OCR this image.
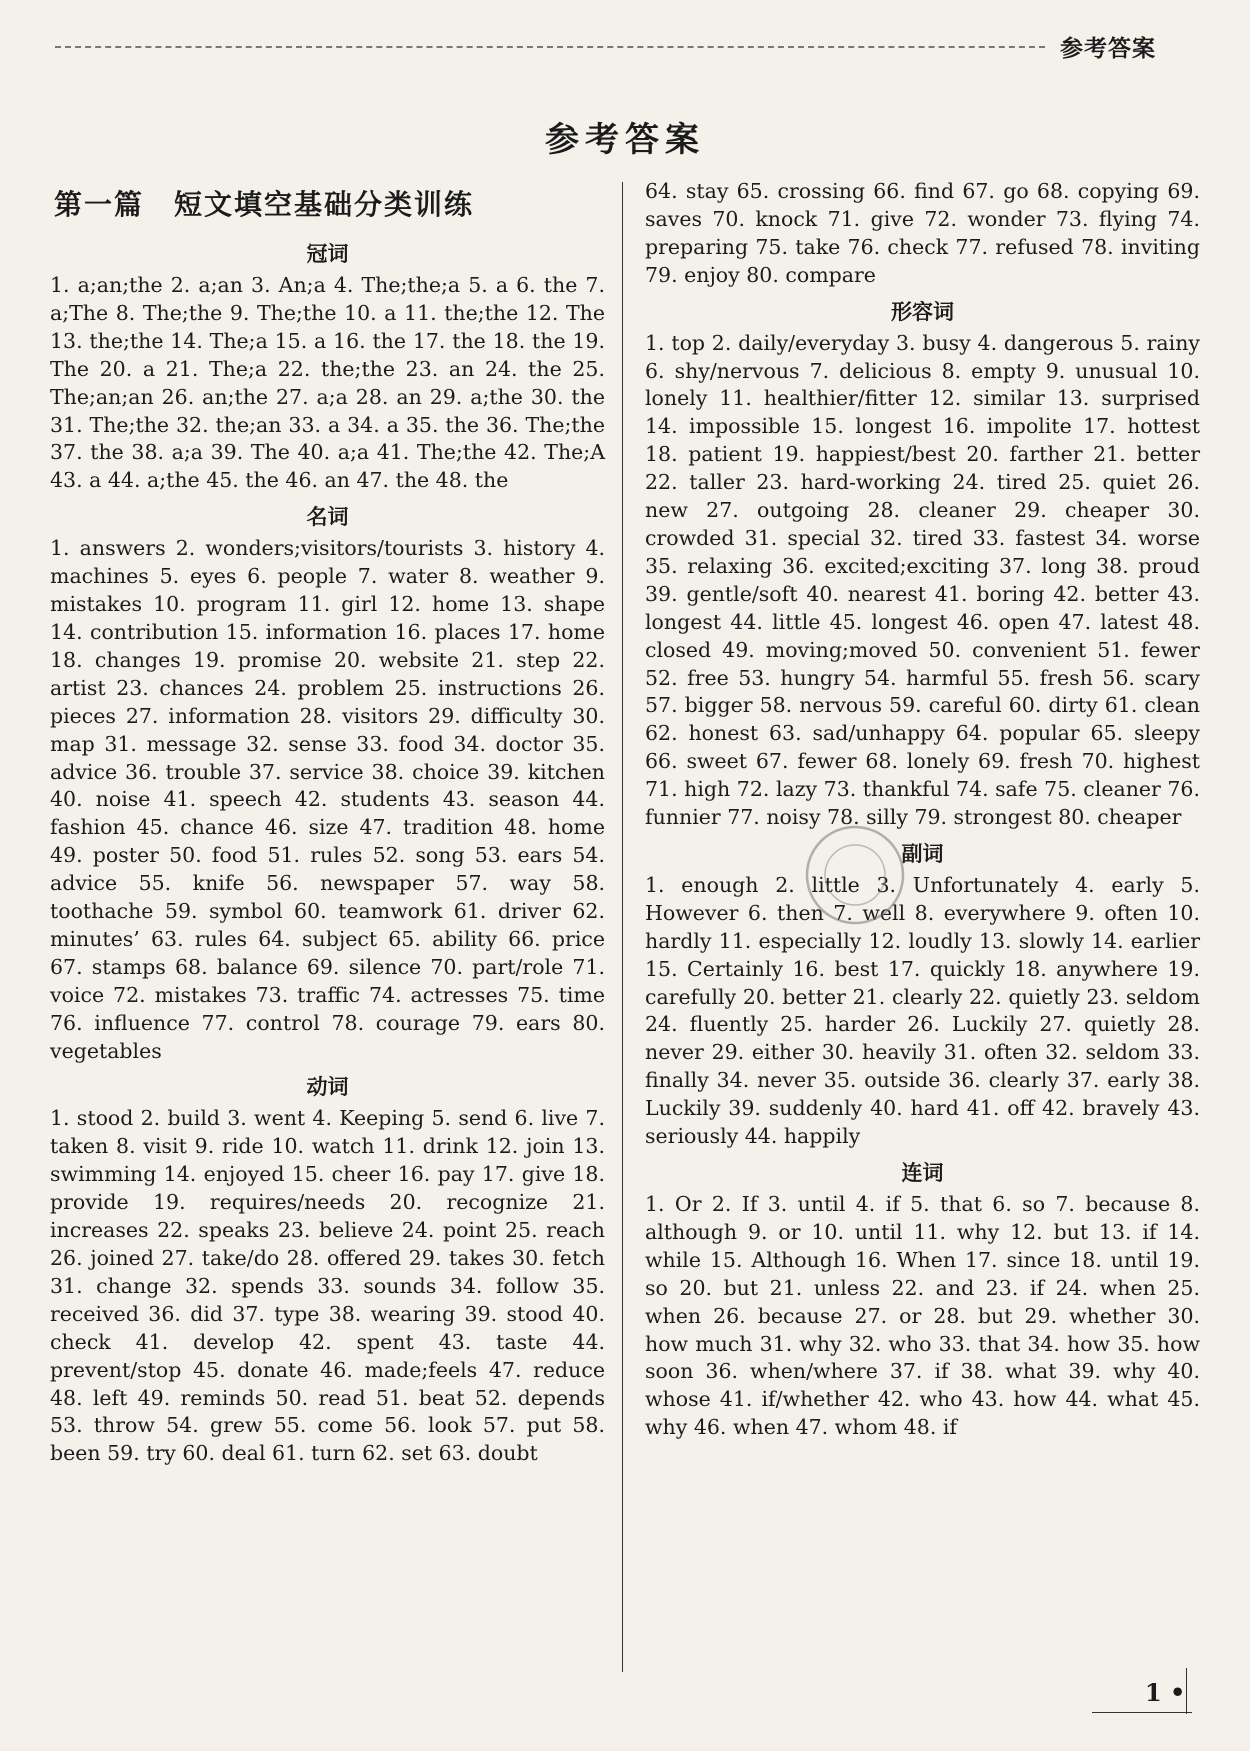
参考答案
参考答案
第一篇　短文填空基础分类训练
冠词
1. a;an;the 2. a;an 3. An;a 4. The;the;a 5. a 6. the 7. a;The 8. The;the 9. The;the 10. a 11. the;the 12. The 13. the;the 14. The;a 15. a 16. the 17. the 18. the 19. The 20. a 21. The;a 22. the;the 23. an 24. the 25. The;an;an 26. an;the 27. a;a 28. an 29. a;the 30. the 31. The;the 32. the;an 33. a 34. a 35. the 36. The;the 37. the 38. a;a 39. The 40. a;a 41. The;the 42. The;A 43. a 44. a;the 45. the 46. an 47. the 48. the
名词
1. answers 2. wonders;visitors/tourists 3. history 4. machines 5. eyes 6. people 7. water 8. weather 9. mistakes 10. program 11. girl 12. home 13. shape 14. contribution 15. information 16. places 17. home 18. changes 19. promise 20. website 21. step 22. artist 23. chances 24. problem 25. instructions 26. pieces 27. information 28. visitors 29. difficulty 30. map 31. message 32. sense 33. food 34. doctor 35. advice 36. trouble 37. service 38. choice 39. kitchen 40. noise 41. speech 42. students 43. season 44. fashion 45. chance 46. size 47. tradition 48. home 49. poster 50. food 51. rules 52. song 53. ears 54. advice 55. knife 56. newspaper 57. way 58. toothache 59. symbol 60. teamwork 61. driver 62. minutes’ 63. rules 64. subject 65. ability 66. price 67. stamps 68. balance 69. silence 70. part/role 71. voice 72. mistakes 73. traffic 74. actresses 75. time 76. influence 77. control 78. courage 79. ears 80. vegetables
动词
1. stood 2. build 3. went 4. Keeping 5. send 6. live 7. taken 8. visit 9. ride 10. watch 11. drink 12. join 13. swimming 14. enjoyed 15. cheer 16. pay 17. give 18. provide 19. requires/needs 20. recognize 21. increases 22. speaks 23. believe 24. point 25. reach 26. joined 27. take/do 28. offered 29. takes 30. fetch 31. change 32. spends 33. sounds 34. follow 35. received 36. did 37. type 38. wearing 39. stood 40. check 41. develop 42. spent 43. taste 44. prevent/stop 45. donate 46. made;feels 47. reduce 48. left 49. reminds 50. read 51. beat 52. depends 53. throw 54. grew 55. come 56. look 57. put 58. been 59. try 60. deal 61. turn 62. set 63. doubt
64. stay 65. crossing 66. find 67. go 68. copying 69. saves 70. knock 71. give 72. wonder 73. flying 74. preparing 75. take 76. check 77. refused 78. inviting 79. enjoy 80. compare
形容词
1. top 2. daily/everyday 3. busy 4. dangerous 5. rainy 6. shy/nervous 7. delicious 8. empty 9. unusual 10. lonely 11. healthier/fitter 12. similar 13. surprised 14. impossible 15. longest 16. impolite 17. hottest 18. patient 19. happiest/best 20. farther 21. better 22. taller 23. hard-working 24. tired 25. quiet 26. new 27. outgoing 28. cleaner 29. cheaper 30. crowded 31. special 32. tired 33. fastest 34. worse 35. relaxing 36. excited;exciting 37. long 38. proud 39. gentle/soft 40. nearest 41. boring 42. better 43. longest 44. little 45. longest 46. open 47. latest 48. closed 49. moving;moved 50. convenient 51. fewer 52. free 53. hungry 54. harmful 55. fresh 56. scary 57. bigger 58. nervous 59. careful 60. dirty 61. clean 62. honest 63. sad/unhappy 64. popular 65. sleepy 66. sweet 67. fewer 68. lonely 69. fresh 70. highest 71. high 72. lazy 73. thankful 74. safe 75. cleaner 76. funnier 77. noisy 78. silly 79. strongest 80. cheaper
副词
1. enough 2. little 3. Unfortunately 4. early 5. However 6. then 7. well 8. everywhere 9. often 10. hardly 11. especially 12. loudly 13. slowly 14. earlier 15. Certainly 16. best 17. quickly 18. anywhere 19. carefully 20. better 21. clearly 22. quietly 23. seldom 24. fluently 25. harder 26. Luckily 27. quietly 28. never 29. either 30. heavily 31. often 32. seldom 33. finally 34. never 35. outside 36. clearly 37. early 38. Luckily 39. suddenly 40. hard 41. off 42. bravely 43. seriously 44. happily
连词
1. Or 2. If 3. until 4. if 5. that 6. so 7. because 8. although 9. or 10. until 11. why 12. but 13. if 14. while 15. Although 16. When 17. since 18. until 19. so 20. but 21. unless 22. and 23. if 24. when 25. when 26. because 27. or 28. but 29. whether 30. how much 31. why 32. who 33. that 34. how 35. how soon 36. when/where 37. if 38. what 39. why 40. whose 41. if/whether 42. who 43. how 44. what 45. why 46. when 47. whom 48. if
1 •
